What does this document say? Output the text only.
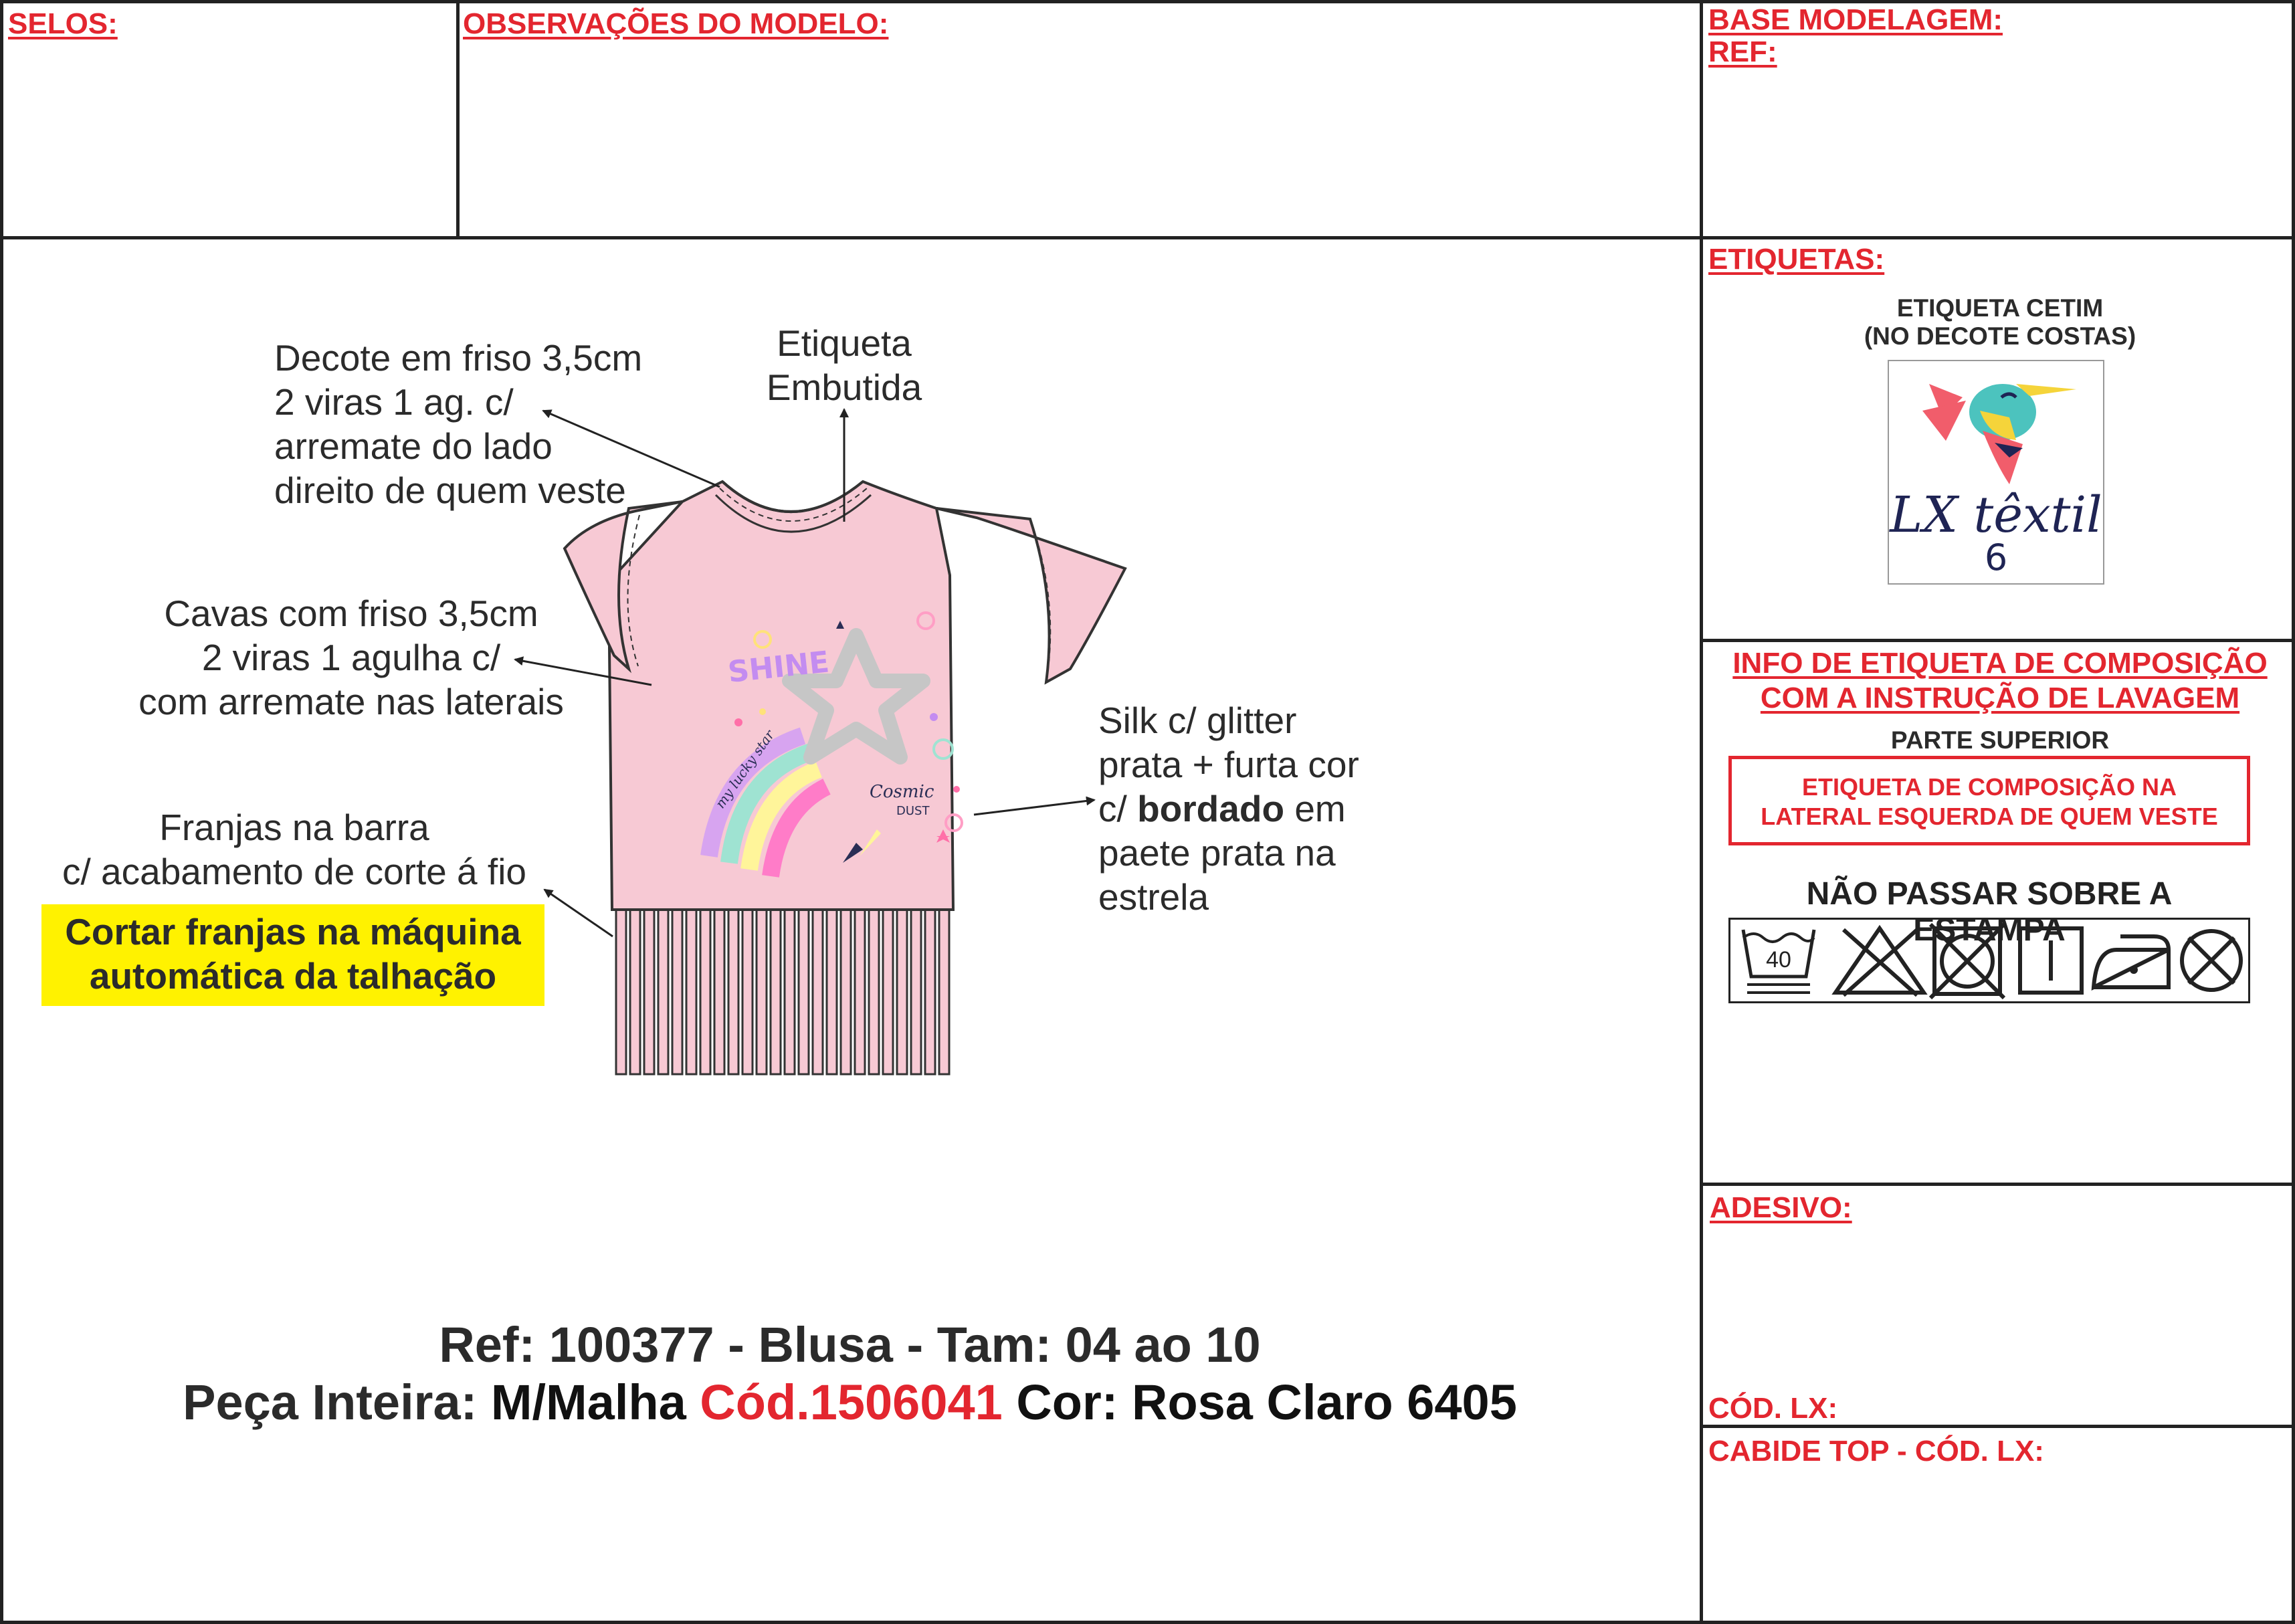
SELOS:	OBSERVAÇÕES DO MODELO:	BASE MODELAGEM:
REF:
ETIQUETAS:
ETIQUETA CETIM
(NO DECOTE COSTAS)
LX têxtil
6
INFO DE ETIQUETA DE COMPOSIÇÃO
COM A INSTRUÇÃO DE LAVAGEM
PARTE SUPERIOR
ETIQUETA DE COMPOSIÇÃO NA
LATERAL ESQUERDA DE QUEM VESTE
NÃO PASSAR SOBRE A ESTAMPA
40
ADESIVO:
CÓD. LX:
CABIDE TOP - CÓD. LX:
SHINE
my lucky star	Cosmic
DUST
Decote em friso 3,5cm
2 viras 1 ag. c/
arremate do lado
direito de quem veste
Etiqueta
Embutida
Cavas com friso 3,5cm
2 viras 1 agulha c/
com arremate nas laterais	Silk c/ glitter
prata + furta cor
c/ bordado em
paete prata na
estrela
Franjas na barra
c/ acabamento de corte á fio
Cortar franjas na máquina
automática da talhação
Ref: 100377 - Blusa - Tam: 04 ao 10
Peça Inteira: M/Malha Cód.1506041 Cor: Rosa Claro 6405
